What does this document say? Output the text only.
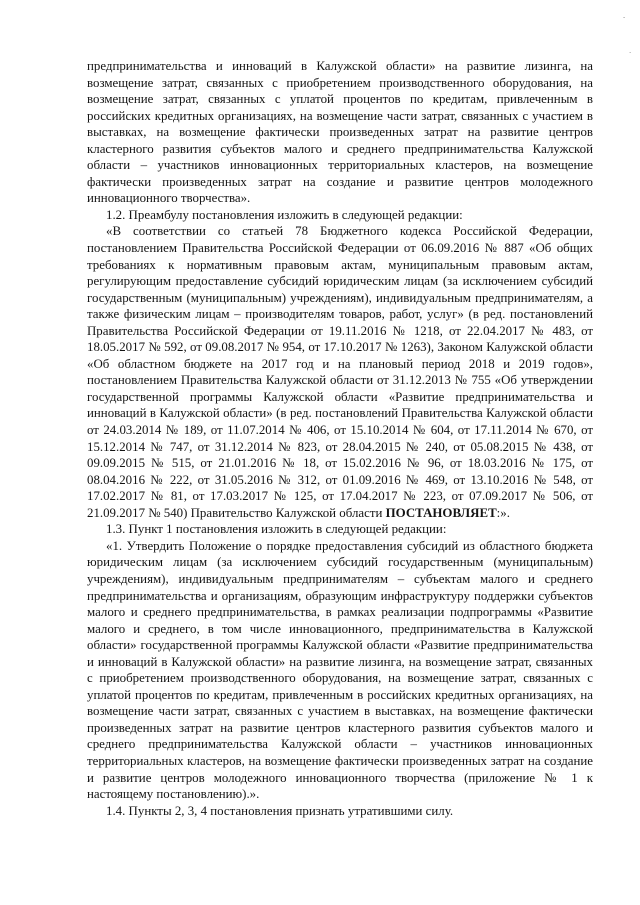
˙
·

предпринимательства и инноваций в Калужской области» на развитие лизинга, на возмещение затрат, связанных с приобретением производственного оборудования, на возмещение затрат, связанных с уплатой процентов по кредитам, привлеченным в российских кредитных организациях, на возмещение части затрат, связанных с участием в выставках, на возмещение фактически произведенных затрат на развитие центров кластерного развития субъектов малого и среднего предпринимательства Калужской области – участников инновационных территориальных кластеров, на возмещение фактически произведенных затрат на создание и развитие центров молодежного инновационного творчества».

1.2. Преамбулу постановления изложить в следующей редакции:

«В соответствии со статьей 78 Бюджетного кодекса Российской Федерации, постановлением Правительства Российской Федерации от 06.09.2016 № 887 «Об общих требованиях к нормативным правовым актам, муниципальным правовым актам, регулирующим предоставление субсидий юридическим лицам (за исключением субсидий государственным (муниципальным) учреждениям), индивидуальным предпринимателям, а также физическим лицам – производителям товаров, работ, услуг» (в ред. постановлений Правительства Российской Федерации от 19.11.2016 № 1218, от 22.04.2017 № 483, от 18.05.2017 № 592, от 09.08.2017 № 954, от 17.10.2017 № 1263), Законом Калужской области «Об областном бюджете на 2017 год и на плановый период 2018 и 2019 годов», постановлением Правительства Калужской области от 31.12.2013 № 755 «Об утверждении государственной программы Калужской области «Развитие предпринимательства и инноваций в Калужской области» (в ред. постановлений Правительства Калужской области от 24.03.2014 № 189, от 11.07.2014 № 406, от 15.10.2014 № 604, от 17.11.2014 № 670, от 15.12.2014 № 747, от 31.12.2014 № 823, от 28.04.2015 № 240, от 05.08.2015 № 438, от 09.09.2015 № 515, от 21.01.2016 № 18, от 15.02.2016 № 96, от 18.03.2016 № 175, от 08.04.2016 № 222, от 31.05.2016 № 312, от 01.09.2016 № 469, от 13.10.2016 № 548, от 17.02.2017 № 81, от 17.03.2017 № 125, от 17.04.2017 № 223, от 07.09.2017 № 506, от 21.09.2017 № 540) Правительство Калужской области ПОСТАНОВЛЯЕТ:».

1.3. Пункт 1 постановления изложить в следующей редакции:

«1. Утвердить Положение о порядке предоставления субсидий из областного бюджета юридическим лицам (за исключением субсидий государственным (муниципальным) учреждениям), индивидуальным предпринимателям – субъектам малого и среднего предпринимательства и организациям, образующим инфраструктуру поддержки субъектов малого и среднего предпринимательства, в рамках реализации подпрограммы «Развитие малого и среднего, в том числе инновационного, предпринимательства в Калужской области» государственной программы Калужской области «Развитие предпринимательства и инноваций в Калужской области» на развитие лизинга, на возмещение затрат, связанных с приобретением производственного оборудования, на возмещение затрат, связанных с уплатой процентов по кредитам, привлеченным в российских кредитных организациях, на возмещение части затрат, связанных с участием в выставках, на возмещение фактически произведенных затрат на развитие центров кластерного развития субъектов малого и среднего предпринимательства Калужской области – участников инновационных территориальных кластеров, на возмещение фактически произведенных затрат на создание и развитие центров молодежного инновационного творчества (приложение № 1 к настоящему постановлению).».

1.4. Пункты 2, 3, 4 постановления признать утратившими силу.
